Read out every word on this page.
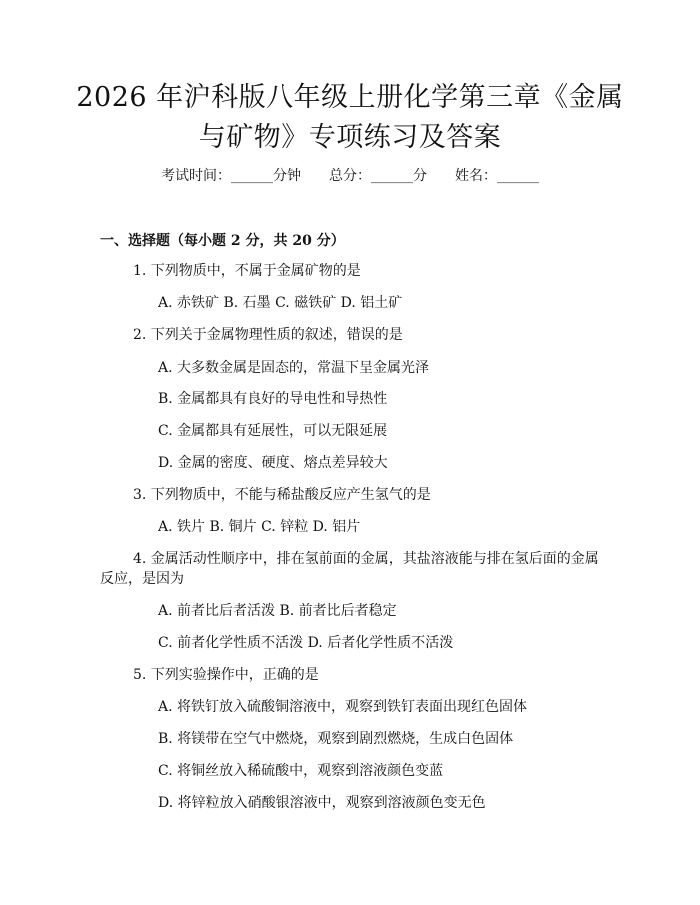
2026 年沪科版八年级上册化学第三章《金属
与矿物》专项练习及答案
考试时间：______分钟 总分：______分 姓名：______
一、选择题（每小题 2 分，共 20 分）
1. 下列物质中，不属于金属矿物的是
A. 赤铁矿 B. 石墨 C. 磁铁矿 D. 铝土矿
2. 下列关于金属物理性质的叙述，错误的是
A. 大多数金属是固态的，常温下呈金属光泽
B. 金属都具有良好的导电性和导热性
C. 金属都具有延展性，可以无限延展
D. 金属的密度、硬度、熔点差异较大
3. 下列物质中，不能与稀盐酸反应产生氢气的是
A. 铁片 B. 铜片 C. 锌粒 D. 铝片
4. 金属活动性顺序中，排在氢前面的金属，其盐溶液能与排在氢后面的金属
反应，是因为
A. 前者比后者活泼 B. 前者比后者稳定
C. 前者化学性质不活泼 D. 后者化学性质不活泼
5. 下列实验操作中，正确的是
A. 将铁钉放入硫酸铜溶液中，观察到铁钉表面出现红色固体
B. 将镁带在空气中燃烧，观察到剧烈燃烧，生成白色固体
C. 将铜丝放入稀硫酸中，观察到溶液颜色变蓝
D. 将锌粒放入硝酸银溶液中，观察到溶液颜色变无色
